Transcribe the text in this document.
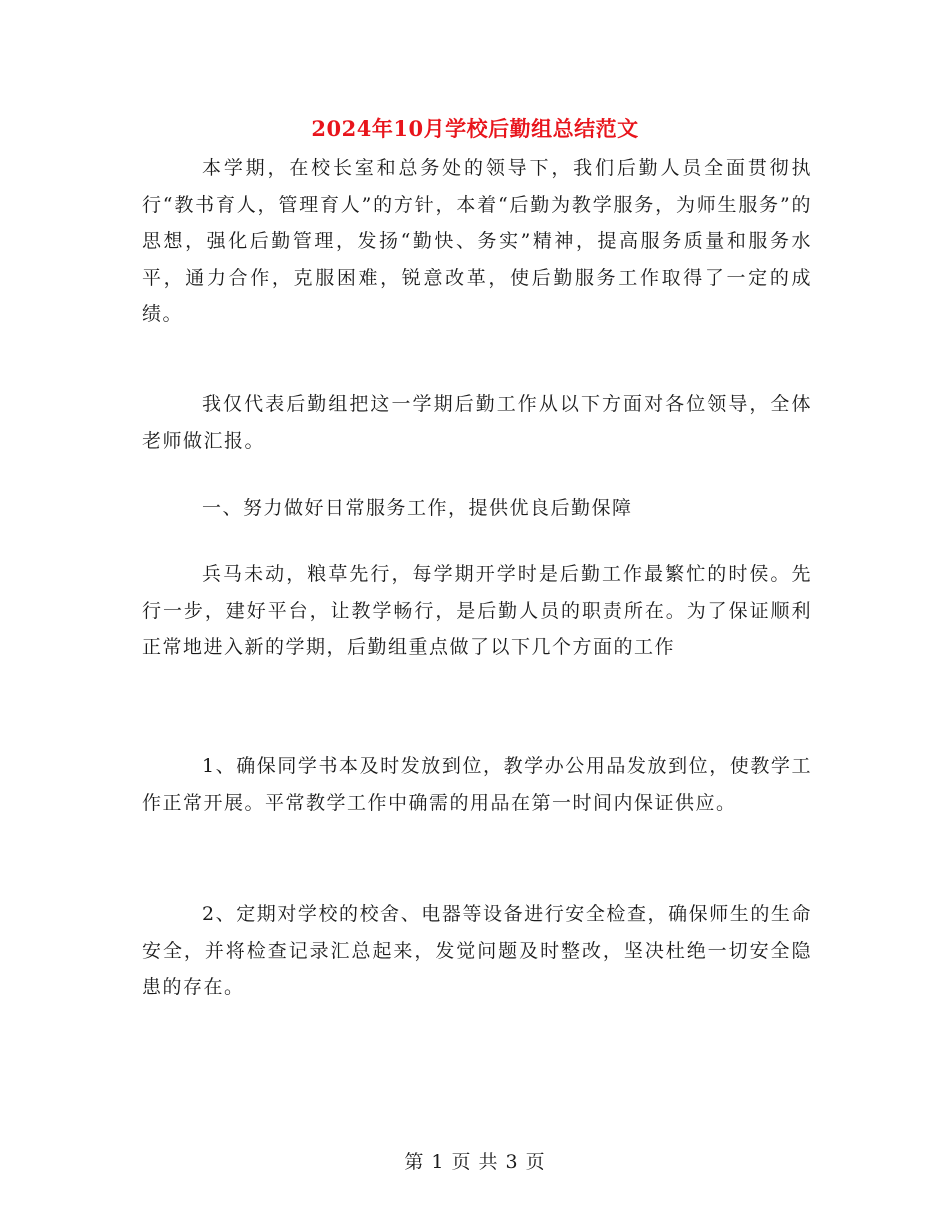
2024年10月学校后勤组总结范文

本学期，在校长室和总务处的领导下，我们后勤人员全面贯彻执行“教书育人，管理育人”的方针，本着“后勤为教学服务，为师生服务”的思想，强化后勤管理，发扬“勤快、务实”精神，提高服务质量和服务水平，通力合作，克服困难，锐意改革，使后勤服务工作取得了一定的成绩。

我仅代表后勤组把这一学期后勤工作从以下方面对各位领导，全体老师做汇报。

一、努力做好日常服务工作，提供优良后勤保障

兵马未动，粮草先行，每学期开学时是后勤工作最繁忙的时侯。先行一步，建好平台，让教学畅行，是后勤人员的职责所在。为了保证顺利正常地进入新的学期，后勤组重点做了以下几个方面的工作

1、确保同学书本及时发放到位，教学办公用品发放到位，使教学工作正常开展。平常教学工作中确需的用品在第一时间内保证供应。

2、定期对学校的校舍、电器等设备进行安全检查，确保师生的生命安全，并将检查记录汇总起来，发觉问题及时整改，坚决杜绝一切安全隐患的存在。

第 1 页 共 3 页
